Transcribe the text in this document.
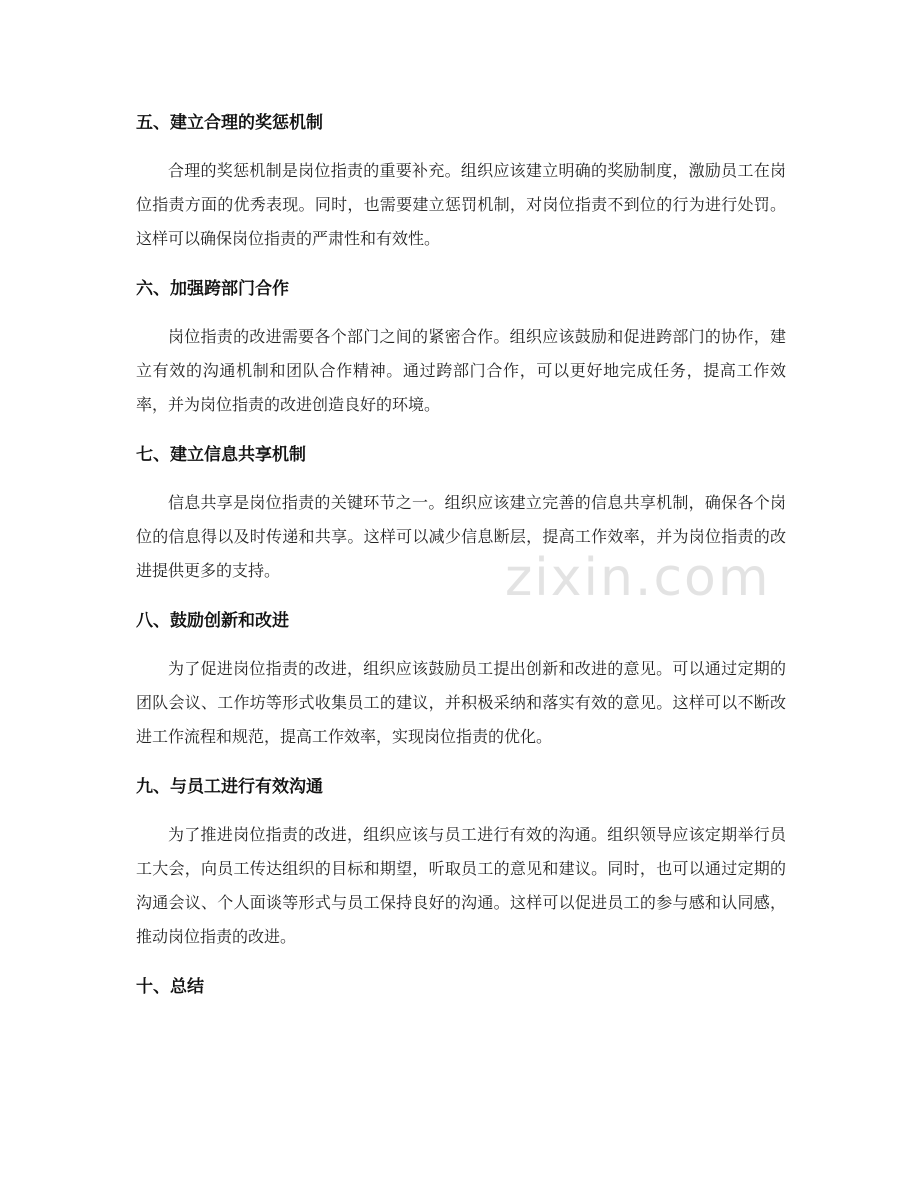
五、建立合理的奖惩机制

合理的奖惩机制是岗位指责的重要补充。组织应该建立明确的奖励制度，激励员工在岗位指责方面的优秀表现。同时，也需要建立惩罚机制，对岗位指责不到位的行为进行处罚。这样可以确保岗位指责的严肃性和有效性。

六、加强跨部门合作

岗位指责的改进需要各个部门之间的紧密合作。组织应该鼓励和促进跨部门的协作，建立有效的沟通机制和团队合作精神。通过跨部门合作，可以更好地完成任务，提高工作效率，并为岗位指责的改进创造良好的环境。

七、建立信息共享机制

信息共享是岗位指责的关键环节之一。组织应该建立完善的信息共享机制，确保各个岗位的信息得以及时传递和共享。这样可以减少信息断层，提高工作效率，并为岗位指责的改进提供更多的支持。

八、鼓励创新和改进

为了促进岗位指责的改进，组织应该鼓励员工提出创新和改进的意见。可以通过定期的团队会议、工作坊等形式收集员工的建议，并积极采纳和落实有效的意见。这样可以不断改进工作流程和规范，提高工作效率，实现岗位指责的优化。

九、与员工进行有效沟通

为了推进岗位指责的改进，组织应该与员工进行有效的沟通。组织领导应该定期举行员工大会，向员工传达组织的目标和期望，听取员工的意见和建议。同时，也可以通过定期的沟通会议、个人面谈等形式与员工保持良好的沟通。这样可以促进员工的参与感和认同感，推动岗位指责的改进。

十、总结
zixin.com
